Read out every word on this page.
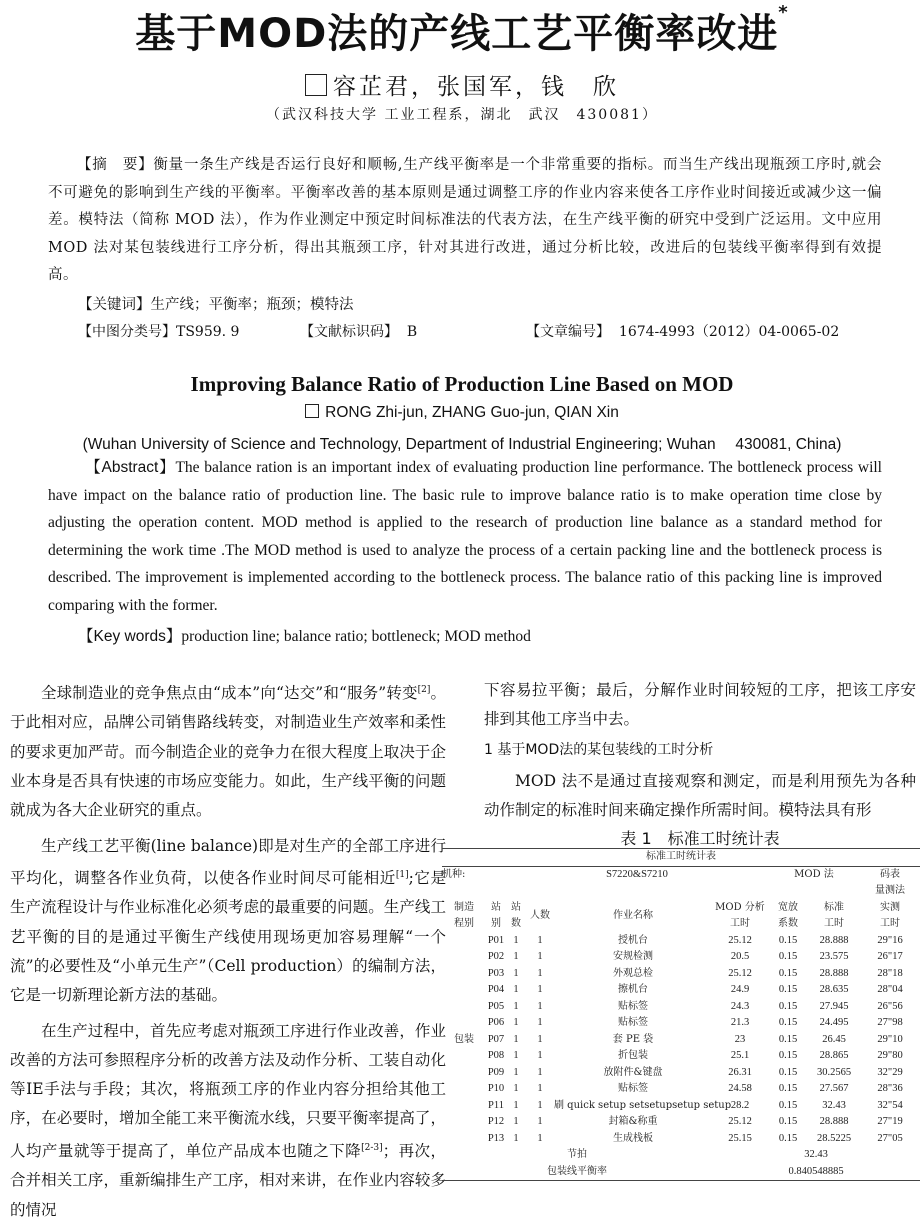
基于MOD法的产线工艺平衡率改进*
容芷君，张国军，钱　欣
（武汉科技大学 工业工程系，湖北　武汉　430081）
【摘　要】衡量一条生产线是否运行良好和顺畅,生产线平衡率是一个非常重要的指标。而当生产线出现瓶颈工序时,就会不可避免的影响到生产线的平衡率。平衡率改善的基本原则是通过调整工序的作业内容来使各工序作业时间接近或减少这一偏差。模特法（简称 MOD 法），作为作业测定中预定时间标准法的代表方法，在生产线平衡的研究中受到广泛运用。文中应用 MOD 法对某包装线进行工序分析，得出其瓶颈工序，针对其进行改进，通过分析比较，改进后的包装线平衡率得到有效提高。
【关键词】生产线；平衡率；瓶颈；模特法
【中图分类号】TS959. 9	【文献标识码】 B	【文章编号】 1674-4993（2012）04-0065-02
Improving Balance Ratio of Production Line Based on MOD
RONG Zhi-jun, ZHANG Guo-jun, QIAN Xin
(Wuhan University of Science and Technology, Department of Industrial Engineering; Wuhan　 430081, China)
【Abstract】The balance ration is an important index of evaluating production line performance. The bottleneck process will have impact on the balance ratio of production line. The basic rule to improve balance ratio is to make operation time close by adjusting the operation content. MOD method is applied to the research of production line balance as a standard method for determining the work time .The MOD method is used to analyze the process of a certain packing line and the bottleneck process is described. The improvement is implemented according to the bottleneck process. The balance ratio of this packing line is improved comparing with the former.
【Key words】production line; balance ratio; bottleneck; MOD method

全球制造业的竞争焦点由“成本”向“达交”和“服务”转变[2]。于此相对应，品牌公司销售路线转变，对制造业生产效率和柔性的要求更加严苛。而今制造企业的竞争力在很大程度上取决于企业本身是否具有快速的市场应变能力。如此，生产线平衡的问题就成为各大企业研究的重点。

生产线工艺平衡(line balance)即是对生产的全部工序进行平均化，调整各作业负荷，以使各作业时间尽可能相近[1];它是生产流程设计与作业标准化必须考虑的最重要的问题。生产线工艺平衡的目的是通过平衡生产线使用现场更加容易理解“一个流”的必要性及“小单元生产”（Cell production）的编制方法，它是一切新理论新方法的基础。

在生产过程中，首先应考虑对瓶颈工序进行作业改善，作业改善的方法可参照程序分析的改善方法及动作分析、工装自动化等IE手法与手段；其次，将瓶颈工序的作业内容分担给其他工序，在必要时，增加全能工来平衡流水线，只要平衡率提高了，人均产量就等于提高了，单位产品成本也随之下降[2-3]；再次，合并相关工序，重新编排生产工序，相对来讲，在作业内容较多的情况

下容易拉平衡；最后，分解作业时间较短的工序，把该工序安排到其他工序当中去。

1 基于MOD法的某包装线的工时分析

MOD 法不是通过直接观察和测定，而是利用预先为各种动作制定的标准时间来确定操作所需时间。模特法具有形

表 1　标准工时统计表
标准工时统计表								
机种:		S7220&S7210				MOD 法		码表
								量测法
制造	站	站	人数	作业名称	MOD 分析	宽放	标准	实测
程别	别	数			工时	系数	工时	工时
	P01	1	1	授机台	25.12	0.15	28.888	29"16
	P02	1	1	安规检测	20.5	0.15	23.575	26"17
	P03	1	1	外观总检	25.12	0.15	28.888	28"18
	P04	1	1	擦机台	24.9	0.15	28.635	28"04
	P05	1	1	贴标签	24.3	0.15	27.945	26"56
	P06	1	1	贴标签	21.3	0.15	24.495	27"98
包装	P07	1	1	套 PE 袋	23	0.15	26.45	29"10
	P08	1	1	折包装	25.1	0.15	28.865	29"80
	P09	1	1	放附件&键盘	26.31	0.15	30.2565	32"29
	P10	1	1	贴标签	24.58	0.15	27.567	28"36
	P11	1	1	刷 quick setup setsetupsetup setup	28.2	0.15	32.43	32"54
	P12	1	1	封箱&称重	25.12	0.15	28.888	27"19
	P13	1	1	生成栈板	25.15	0.15	28.5225	27"05
节拍					32.43			
包装线平衡率					0.840548885			
